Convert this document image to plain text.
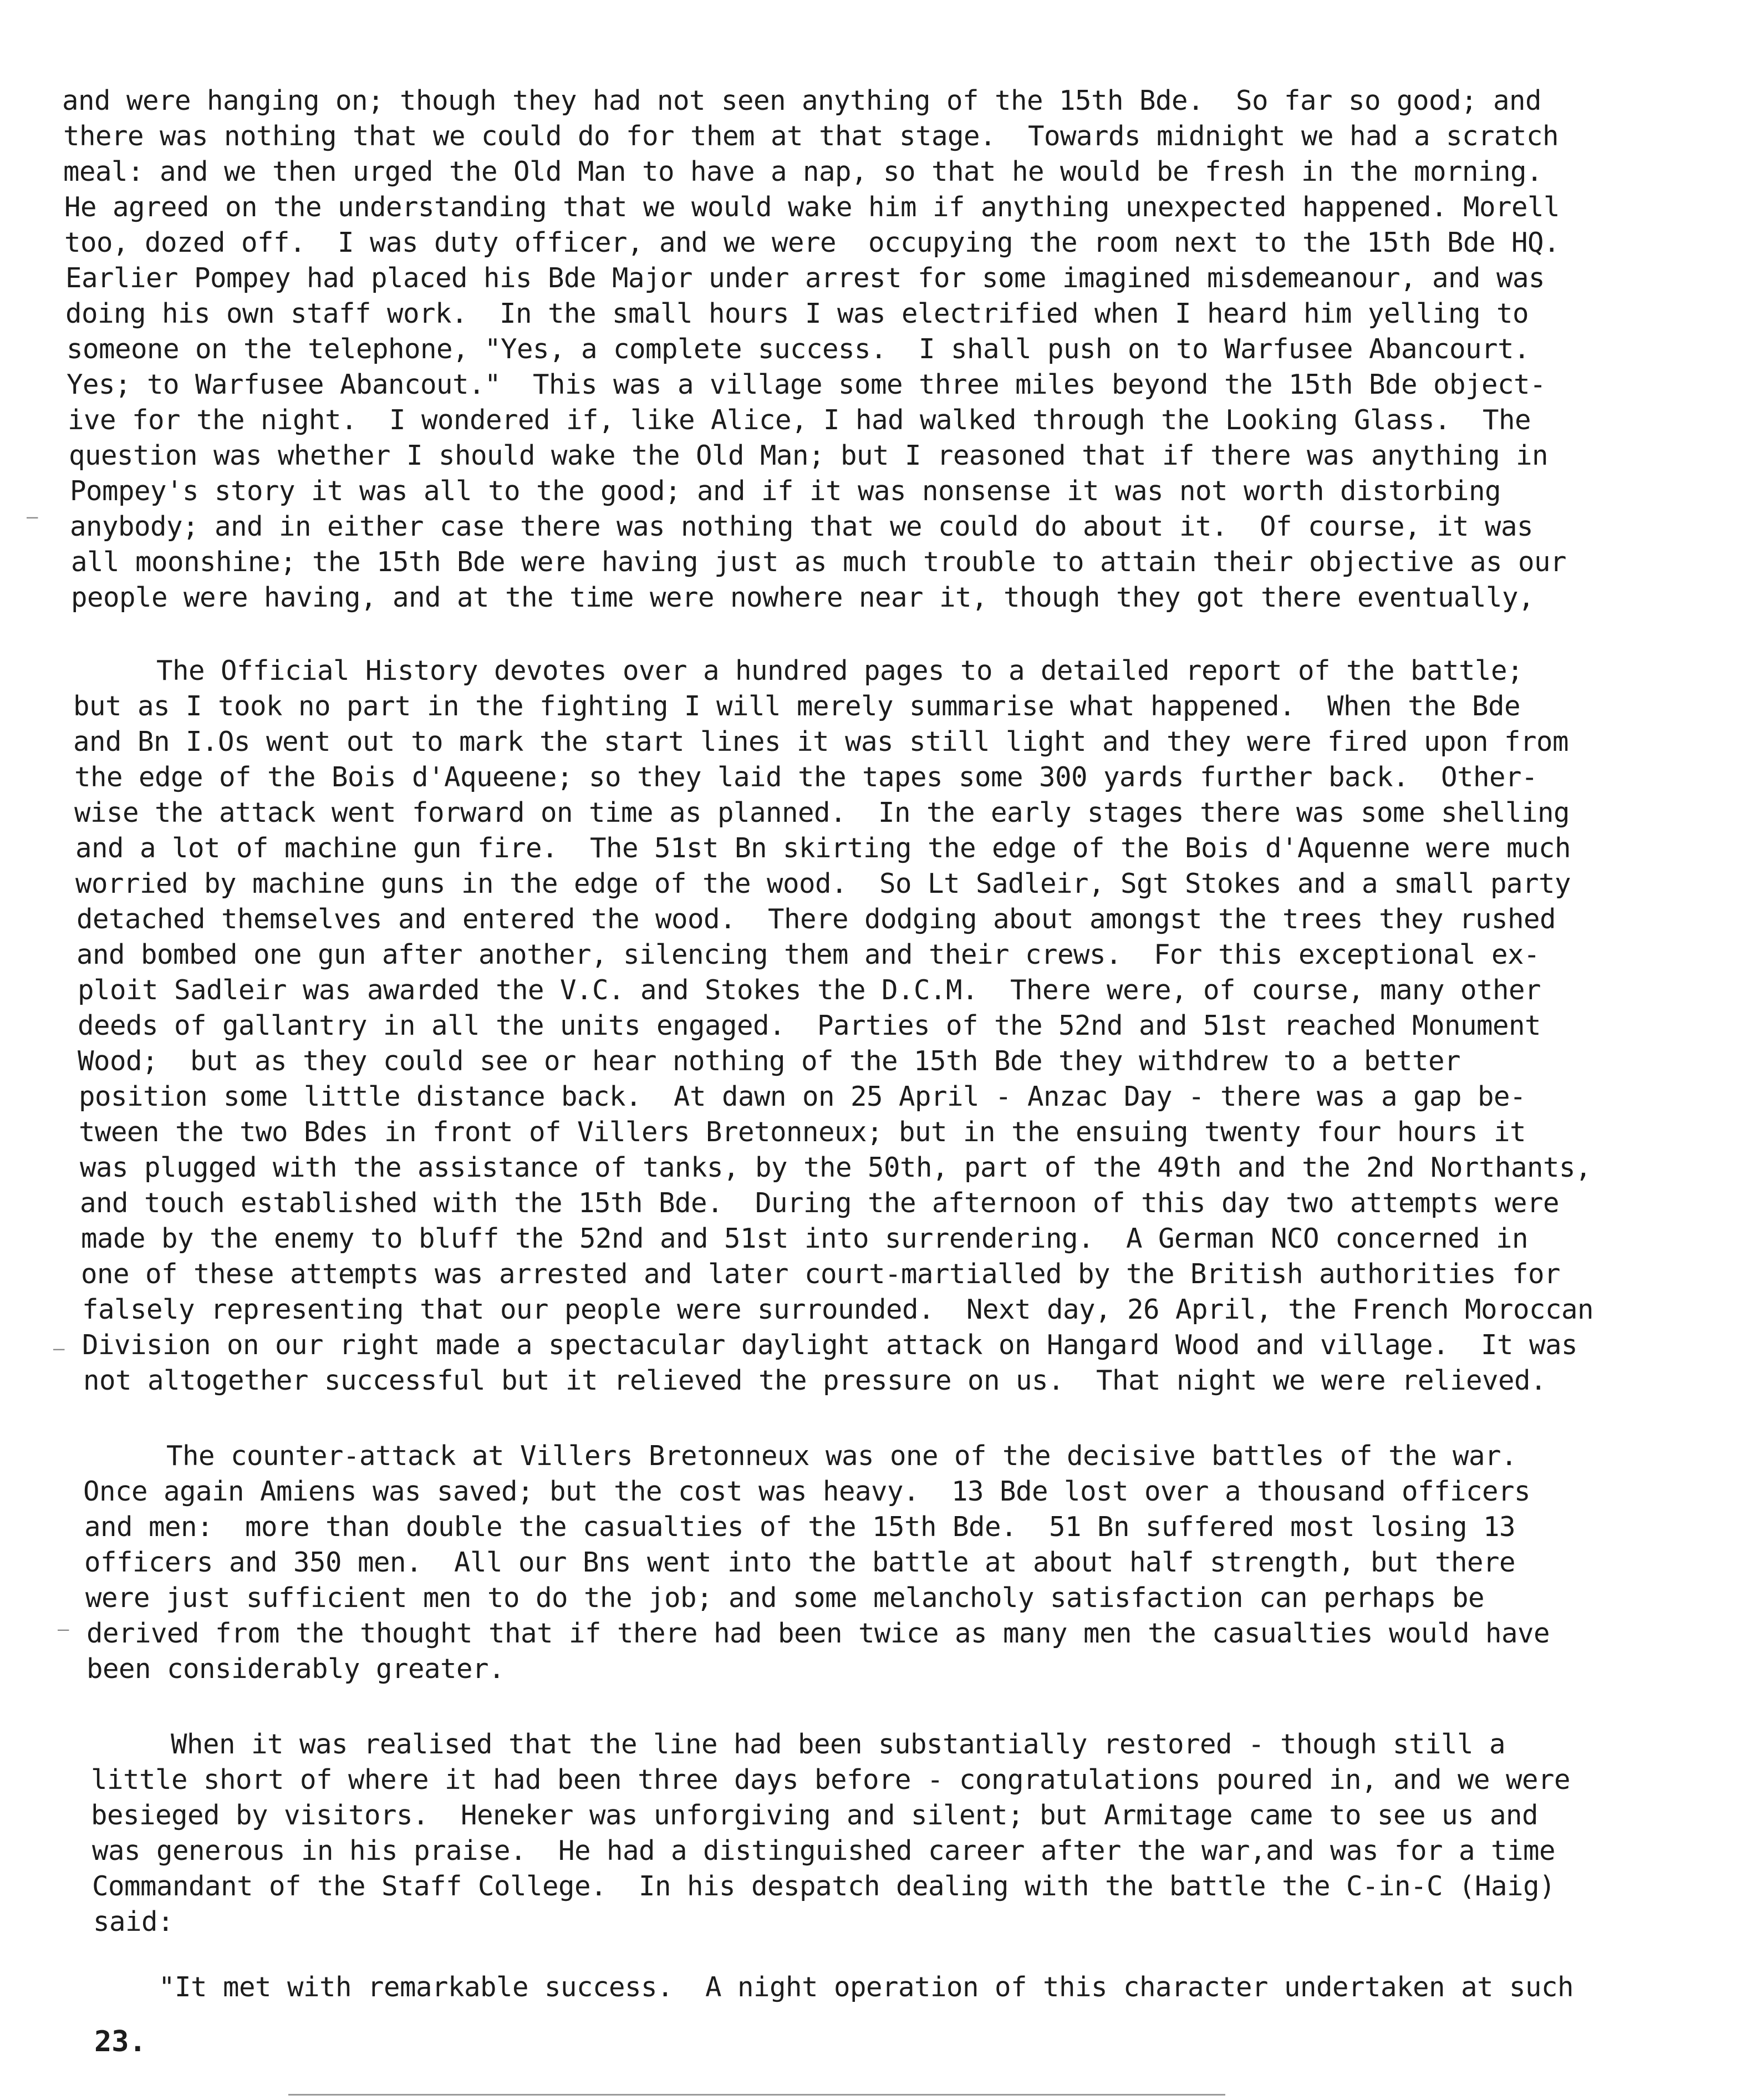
and were hanging on; though they had not seen anything of the 15th Bde.  So far so good; and
there was nothing that we could do for them at that stage.  Towards midnight we had a scratch
meal: and we then urged the Old Man to have a nap, so that he would be fresh in the morning.
He agreed on the understanding that we would wake him if anything unexpected happened. Morell
too, dozed off.  I was duty officer, and we were  occupying the room next to the 15th Bde HQ.
Earlier Pompey had placed his Bde Major under arrest for some imagined misdemeanour, and was
doing his own staff work.  In the small hours I was electrified when I heard him yelling to
someone on the telephone, "Yes, a complete success.  I shall push on to Warfusee Abancourt.
Yes; to Warfusee Abancout."  This was a village some three miles beyond the 15th Bde object-
ive for the night.  I wondered if, like Alice, I had walked through the Looking Glass.  The
question was whether I should wake the Old Man; but I reasoned that if there was anything in
Pompey's story it was all to the good; and if it was nonsense it was not worth distorbing
anybody; and in either case there was nothing that we could do about it.  Of course, it was
all moonshine; the 15th Bde were having just as much trouble to attain their objective as our
people were having, and at the time were nowhere near it, though they got there eventually,
The Official History devotes over a hundred pages to a detailed report of the battle;
but as I took no part in the fighting I will merely summarise what happened.  When the Bde
and Bn I.Os went out to mark the start lines it was still light and they were fired upon from
the edge of the Bois d'Aqueene; so they laid the tapes some 300 yards further back.  Other-
wise the attack went forward on time as planned.  In the early stages there was some shelling
and a lot of machine gun fire.  The 51st Bn skirting the edge of the Bois d'Aquenne were much
worried by machine guns in the edge of the wood.  So Lt Sadleir, Sgt Stokes and a small party
detached themselves and entered the wood.  There dodging about amongst the trees they rushed
and bombed one gun after another, silencing them and their crews.  For this exceptional ex-
ploit Sadleir was awarded the V.C. and Stokes the D.C.M.  There were, of course, many other
deeds of gallantry in all the units engaged.  Parties of the 52nd and 51st reached Monument
Wood;  but as they could see or hear nothing of the 15th Bde they withdrew to a better
position some little distance back.  At dawn on 25 April - Anzac Day - there was a gap be-
tween the two Bdes in front of Villers Bretonneux; but in the ensuing twenty four hours it
was plugged with the assistance of tanks, by the 50th, part of the 49th and the 2nd Northants,
and touch established with the 15th Bde.  During the afternoon of this day two attempts were
made by the enemy to bluff the 52nd and 51st into surrendering.  A German NCO concerned in
one of these attempts was arrested and later court-martialled by the British authorities for
falsely representing that our people were surrounded.  Next day, 26 April, the French Moroccan
Division on our right made a spectacular daylight attack on Hangard Wood and village.  It was
not altogether successful but it relieved the pressure on us.  That night we were relieved.
The counter-attack at Villers Bretonneux was one of the decisive battles of the war.
Once again Amiens was saved; but the cost was heavy.  13 Bde lost over a thousand officers
and men:  more than double the casualties of the 15th Bde.  51 Bn suffered most losing 13
officers and 350 men.  All our Bns went into the battle at about half strength, but there
were just sufficient men to do the job; and some melancholy satisfaction can perhaps be
derived from the thought that if there had been twice as many men the casualties would have
been considerably greater.
When it was realised that the line had been substantially restored - though still a
little short of where it had been three days before - congratulations poured in, and we were
besieged by visitors.  Heneker was unforgiving and silent; but Armitage came to see us and
was generous in his praise.  He had a distinguished career after the war,and was for a time
Commandant of the Staff College.  In his despatch dealing with the battle the C-in-C (Haig)
said:
"It met with remarkable success.  A night operation of this character undertaken at such
23.
–
–
–
